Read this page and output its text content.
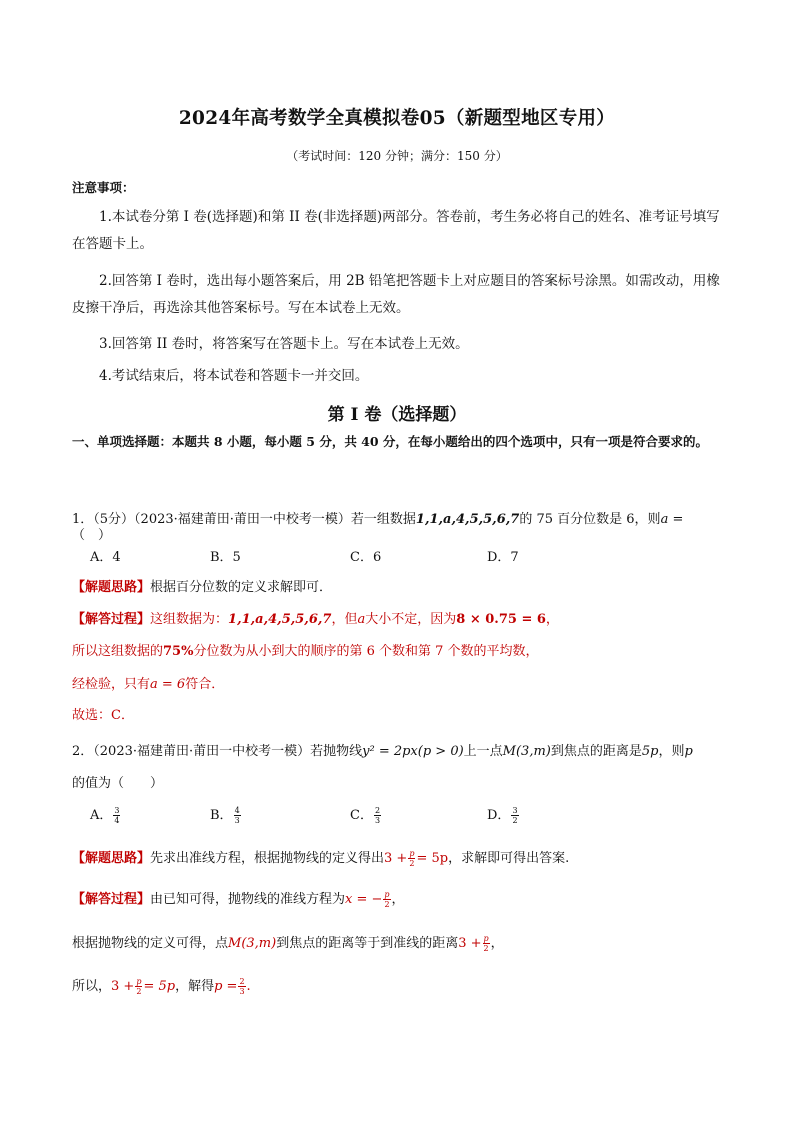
2024年高考数学全真模拟卷05（新题型地区专用）
（考试时间：120 分钟；满分：150 分）
注意事项：
1.本试卷分第 I 卷(选择题)和第 II 卷(非选择题)两部分。答卷前，考生务必将自己的姓名、准考证号填写在答题卡上。
2.回答第 I 卷时，选出每小题答案后，用 2B 铅笔把答题卡上对应题目的答案标号涂黑。如需改动，用橡皮擦干净后，再选涂其他答案标号。写在本试卷上无效。
3.回答第 II 卷时，将答案写在答题卡上。写在本试卷上无效。
4.考试结束后，将本试卷和答题卡一并交回。
第 I 卷（选择题）
一、单项选择题：本题共 8 小题，每小题 5 分，共 40 分，在每小题给出的四个选项中，只有一项是符合要求的。
1．（5分）（2023·福建莆田·莆田一中校考一模）若一组数据1,1,a,4,5,5,6,7的 75 百分位数是 6，则a =
（　）
A．4	B．5	C．6	D．7
【解题思路】根据百分位数的定义求解即可．
【解答过程】这组数据为：1,1,a,4,5,5,6,7，但a大小不定，因为8 × 0.75 = 6，
所以这组数据的75%分位数为从小到大的顺序的第 6 个数和第 7 个数的平均数，
经检验，只有a = 6符合．
故选：C．
2．（2023·福建莆田·莆田一中校考一模）若抛物线y² = 2px(p > 0)上一点M(3,m)到焦点的距离是5p，则p
的值为（　　）
A． $\frac{3}{4}$	B． $\frac{4}{3}$	C． $\frac{2}{3}$	D． $\frac{3}{2}$
【解题思路】先求出准线方程，根据抛物线的定义得出$3 + \frac{p}{2} = 5p$，求解即可得出答案.
【解答过程】由已知可得，抛物线的准线方程为x = − $\frac{p}{2}$ ，
根据抛物线的定义可得，点M(3,m)到焦点的距离等于到准线的距离$3 + \frac{p}{2}$ ，
所以，$3 + \frac{p}{2} = 5p$，解得$p = \frac{2}{3}$ .
